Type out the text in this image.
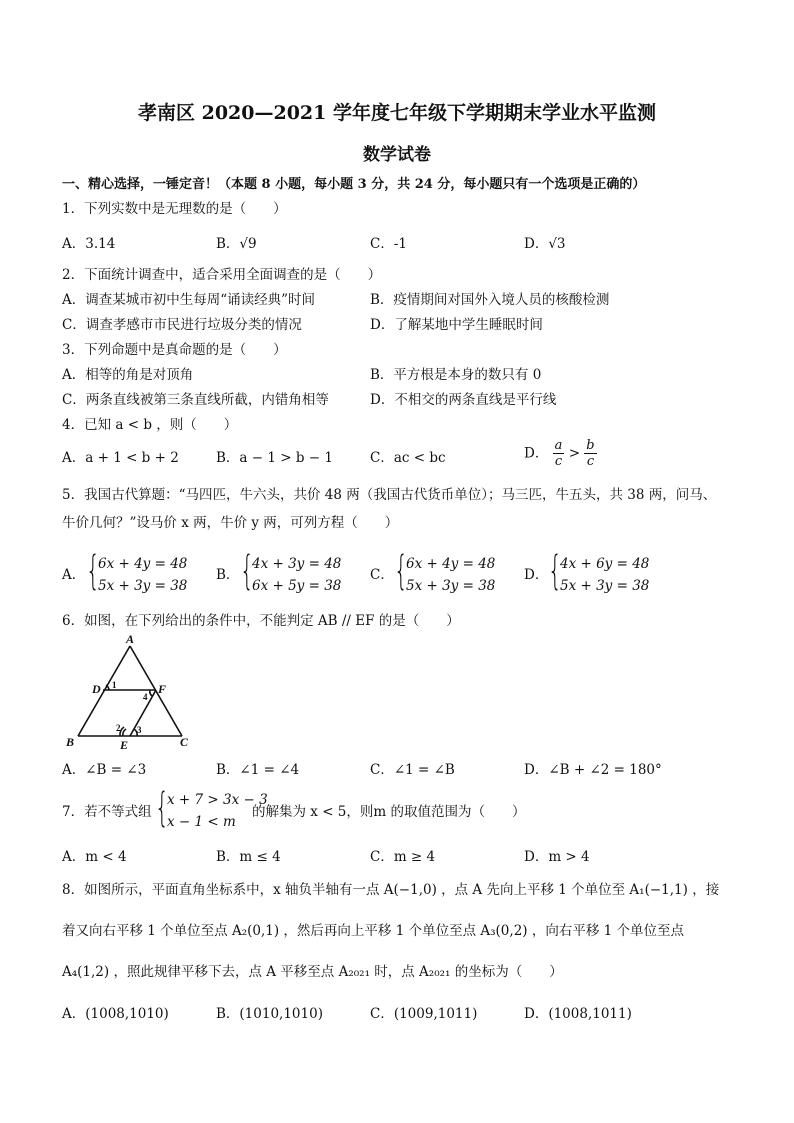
孝南区 2020—2021 学年度七年级下学期期末学业水平监测
数学试卷
一、精心选择，一锤定音！（本题 8 小题，每小题 3 分，共 24 分，每小题只有一个选项是正确的）
1．下列实数中是无理数的是（　　）
A．3.14	B．√9	C．-1	D．√3
2．下面统计调查中，适合采用全面调查的是（　　）
A．调查某城市初中生每周“诵读经典”时间	B．疫情期间对国外入境人员的核酸检测
C．调查孝感市市民进行垃圾分类的情况	D．了解某地中学生睡眠时间
3．下列命题中是真命题的是（　　）
A．相等的角是对顶角	B．平方根是本身的数只有 0
C．两条直线被第三条直线所截，内错角相等	D．不相交的两条直线是平行线
4．已知 a < b ，则（　　）
A．a + 1 < b + 2	B．a − 1 > b − 1	C．ac < bc	D． $\frac{a}{c} > \frac{b}{c}$
5．我国古代算题：“马四匹，牛六头，共价 48 两（我国古代货币单位）；马三匹，牛五头，共 38 两，问马、
牛价几何？”设马价 x 两，牛价 y 两，可列方程（　　）
A． {
6x + 4y = 48
5x + 3y = 38
B． {
4x + 3y = 48
6x + 5y = 38
C． {
6x + 4y = 48
5x + 3y = 38
D． {
4x + 6y = 48
5x + 3y = 38
6．如图，在下列给出的条件中，不能判定 AB // EF 的是（　　）
A
B	C
D
E
F
1
2 3
4
A．∠B = ∠3	B．∠1 = ∠4	C．∠1 = ∠B	D．∠B + ∠2 = 180°
7．若不等式组 {
x + 7 > 3x − 3
x − 1 < m
的解集为 x < 5，则m 的取值范围为（　　）
A．m < 4	B．m ≤ 4	C．m ≥ 4	D．m > 4
8．如图所示，平面直角坐标系中，x 轴负半轴有一点 A(−1,0) ，点 A 先向上平移 1 个单位至 A₁(−1,1) ，接
着又向右平移 1 个单位至点 A₂(0,1) ，然后再向上平移 1 个单位至点 A₃(0,2) ，向右平移 1 个单位至点
A₄(1,2) ，照此规律平移下去，点 A 平移至点 A₂₀₂₁ 时，点 A₂₀₂₁ 的坐标为（　　）
A．(1008,1010)	B．(1010,1010)	C．(1009,1011)	D．(1008,1011)
